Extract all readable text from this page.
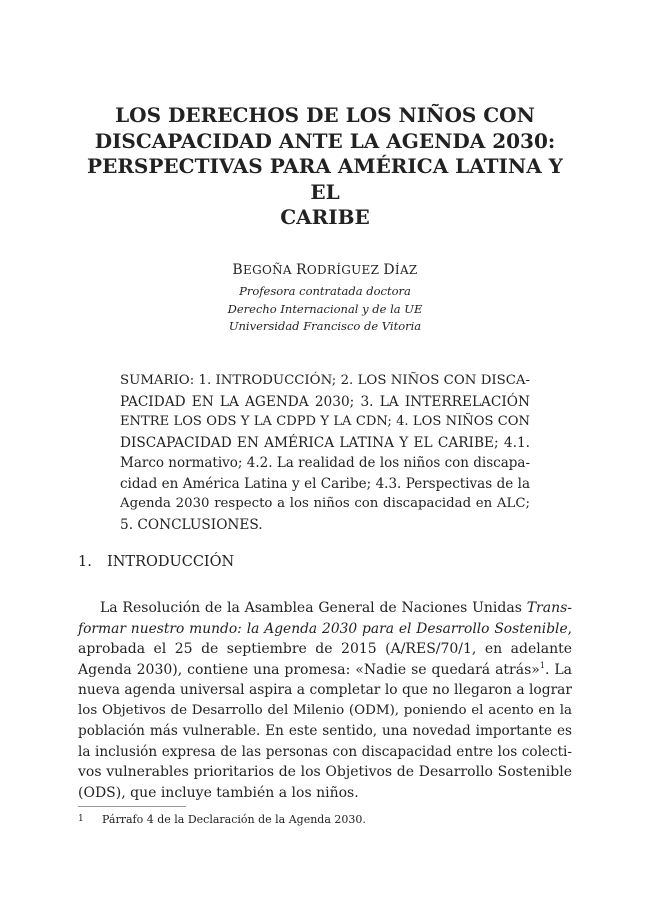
LOS DERECHOS DE LOS NIÑOS CON
DISCAPACIDAD ANTE LA AGENDA 2030:
PERSPECTIVAS PARA AMÉRICA LATINA Y EL
CARIBE
BEGOÑA RODRÍGUEZ DÍAZ
Profesora contratada doctora
Derecho Internacional y de la UE
Universidad Francisco de Vitoria
SUMARIO: 1. INTRODUCCIÓN; 2. LOS NIÑOS CON DISCA-
PACIDAD EN LA AGENDA 2030; 3. LA INTERRELACIÓN
ENTRE LOS ODS Y LA CDPD Y LA CDN; 4. LOS NIÑOS CON
DISCAPACIDAD EN AMÉRICA LATINA Y EL CARIBE; 4.1.
Marco normativo; 4.2. La realidad de los niños con discapa-
cidad en América Latina y el Caribe; 4.3. Perspectivas de la
Agenda 2030 respecto a los niños con discapacidad en ALC;
5. CONCLUSIONES.
1. INTRODUCCIÓN
La Resolución de la Asamblea General de Naciones Unidas Trans-
formar nuestro mundo: la Agenda 2030 para el Desarrollo Sostenible,
aprobada el 25 de septiembre de 2015 (A/RES/70/1, en adelante
Agenda 2030), contiene una promesa: «Nadie se quedará atrás»$^1$. La
nueva agenda universal aspira a completar lo que no llegaron a lograr
los Objetivos de Desarrollo del Milenio (ODM), poniendo el acento en la
población más vulnerable. En este sentido, una novedad importante es
la inclusión expresa de las personas con discapacidad entre los colecti-
vos vulnerables prioritarios de los Objetivos de Desarrollo Sostenible
(ODS), que incluye también a los niños.
1 Párrafo 4 de la Declaración de la Agenda 2030.
